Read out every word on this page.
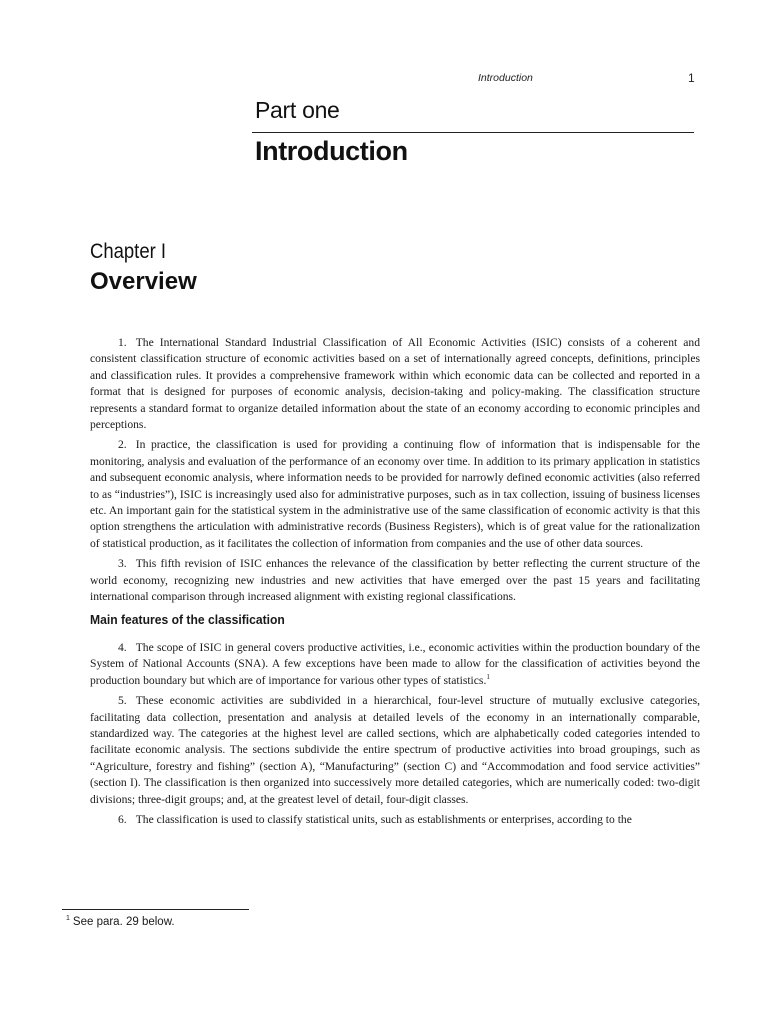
Introduction	1
Part one
Introduction
Chapter I
Overview

1. The International Standard Industrial Classification of All Economic Activities (ISIC) consists of a coherent and consistent classification structure of economic activities based on a set of internationally agreed concepts, definitions, principles and classification rules. It provides a comprehensive framework within which economic data can be collected and reported in a format that is designed for purposes of economic analysis, decision-taking and policy-making. The classification structure represents a standard format to organize detailed information about the state of an economy according to economic principles and perceptions.

2. In practice, the classification is used for providing a continuing flow of information that is indispensable for the monitoring, analysis and evaluation of the performance of an economy over time. In addition to its primary application in statistics and subsequent economic analysis, where information needs to be provided for narrowly defined economic activities (also referred to as “industries”), ISIC is increasingly used also for administrative purposes, such as in tax collection, issuing of business licenses etc. An important gain for the statistical system in the administrative use of the same classification of economic activity is that this option strengthens the articulation with administrative records (Business Registers), which is of great value for the rationalization of statistical production, as it facilitates the collection of information from companies and the use of other data sources.

3. This fifth revision of ISIC enhances the relevance of the classification by better reflecting the current structure of the world economy, recognizing new industries and new activities that have emerged over the past 15 years and facilitating international comparison through increased alignment with existing regional classifications.

Main features of the classification

4. The scope of ISIC in general covers productive activities, i.e., economic activities within the production boundary of the System of National Accounts (SNA). A few exceptions have been made to allow for the classification of activities beyond the production boundary but which are of importance for various other types of statistics.$^1$

5. These economic activities are subdivided in a hierarchical, four-level structure of mutually exclusive categories, facilitating data collection, presentation and analysis at detailed levels of the economy in an internationally comparable, standardized way. The categories at the highest level are called sections, which are alphabetically coded categories intended to facilitate economic analysis. The sections subdivide the entire spectrum of productive activities into broad groupings, such as “Agriculture, forestry and fishing” (section A), “Manufacturing” (section C) and “Accommodation and food service activities” (section I). The classification is then organized into successively more detailed categories, which are numerically coded: two-digit divisions; three-digit groups; and, at the greatest level of detail, four-digit classes.

6. The classification is used to classify statistical units, such as establishments or enterprises, according to the

$^1$ See para. 29 below.
